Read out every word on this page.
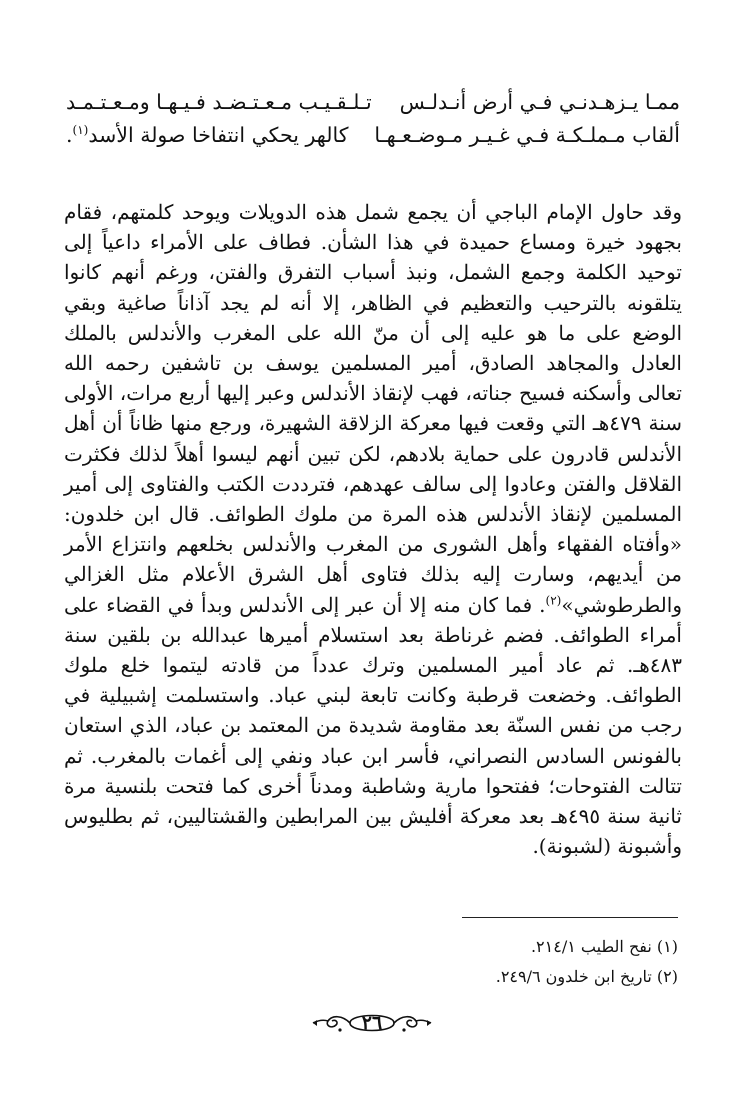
ممـا يـزهـدنـي فـي أرض أنـدلـس
تـلـقـيـب مـعـتـضـد فـيـهـا ومـعـتـمـد
ألقاب مـملـكـة فـي غـيـر مـوضـعـهـا
كالهر يحكي انتفاخا صولة الأسد$^{(١)}$.

وقد حاول الإمام الباجي أن يجمع شمل هذه الدويلات ويوحد كلمتهم، فقام بجهود خيرة ومساع حميدة في هذا الشأن. فطاف على الأمراء داعياً إلى توحيد الكلمة وجمع الشمل، ونبذ أسباب التفرق والفتن، ورغم أنهم كانوا يتلقونه بالترحيب والتعظيم في الظاهر، إلا أنه لم يجد آذاناً صاغية وبقي الوضع على ما هو عليه إلى أن منّ الله على المغرب والأندلس بالملك العادل والمجاهد الصادق، أمير المسلمين يوسف بن تاشفين رحمه الله تعالى وأسكنه فسيح جناته، فهب لإنقاذ الأندلس وعبر إليها أربع مرات، الأولى سنة ٤٧٩هـ التي وقعت فيها معركة الزلاقة الشهيرة، ورجع منها ظاناً أن أهل الأندلس قادرون على حماية بلادهم، لكن تبين أنهم ليسوا أهلاً لذلك فكثرت القلاقل والفتن وعادوا إلى سالف عهدهم، فترددت الكتب والفتاوى إلى أمير المسلمين لإنقاذ الأندلس هذه المرة من ملوك الطوائف. قال ابن خلدون: «وأفتاه الفقهاء وأهل الشورى من المغرب والأندلس بخلعهم وانتزاع الأمر من أيديهم، وسارت إليه بذلك فتاوى أهل الشرق الأعلام مثل الغزالي والطرطوشي»$^{(٢)}$. فما كان منه إلا أن عبر إلى الأندلس وبدأ في القضاء على أمراء الطوائف. فضم غرناطة بعد استسلام أميرها عبدالله بن بلقين سنة ٤٨٣هـ. ثم عاد أمير المسلمين وترك عدداً من قادته ليتموا خلع ملوك الطوائف. وخضعت قرطبة وكانت تابعة لبني عباد. واستسلمت إشبيلية في رجب من نفس السنّة بعد مقاومة شديدة من المعتمد بن عباد، الذي استعان بالفونس السادس النصراني، فأسر ابن عباد ونفي إلى أغمات بالمغرب. ثم تتالت الفتوحات؛ ففتحوا مارية وشاطبة ومدناً أخرى كما فتحت بلنسية مرة ثانية سنة ٤٩٥هـ بعد معركة أفليش بين المرابطين والقشتاليين، ثم بطليوس وأشبونة (لشبونة).

(١) نفح الطيب ٢١٤/١.
(٢) تاريخ ابن خلدون ٢٤٩/٦.
٢٦
